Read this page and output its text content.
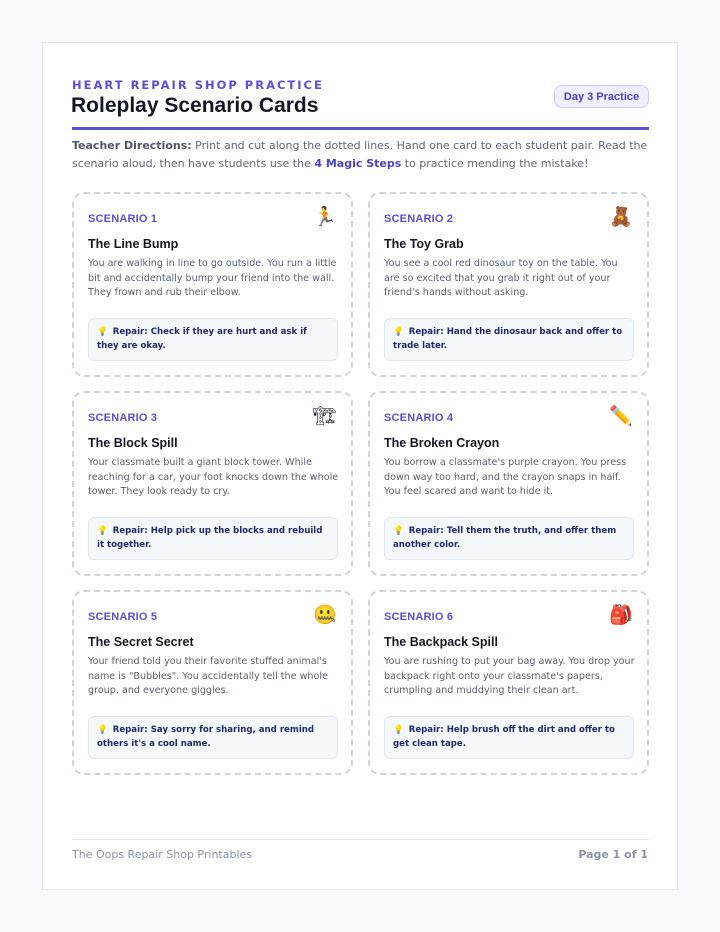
HEART REPAIR SHOP PRACTICE
Roleplay Scenario Cards	Day 3 Practice

Teacher Directions: Print and cut along the dotted lines. Hand one card to each student pair. Read the scenario aloud, then have students use the 4 Magic Steps to practice mending the mistake!

SCENARIO 1	🏃
The Line Bump
You are walking in line to go outside. You run a little bit and accidentally bump your friend into the wall. They frown and rub their elbow.
💡 Repair: Check if they are hurt and ask if they are okay.
SCENARIO 2	🧸
The Toy Grab
You see a cool red dinosaur toy on the table. You are so excited that you grab it right out of your friend's hands without asking.
💡 Repair: Hand the dinosaur back and offer to trade later.
SCENARIO 3	🏗
The Block Spill
Your classmate built a giant block tower. While reaching for a car, your foot knocks down the whole tower. They look ready to cry.
💡 Repair: Help pick up the blocks and rebuild it together.
SCENARIO 4	✏️
The Broken Crayon
You borrow a classmate's purple crayon. You press down way too hard, and the crayon snaps in half. You feel scared and want to hide it.
💡 Repair: Tell them the truth, and offer them another color.
SCENARIO 5	🤐
The Secret Secret
Your friend told you their favorite stuffed animal's name is "Bubbles". You accidentally tell the whole group, and everyone giggles.
💡 Repair: Say sorry for sharing, and remind others it's a cool name.
SCENARIO 6	🎒
The Backpack Spill
You are rushing to put your bag away. You drop your backpack right onto your classmate's papers, crumpling and muddying their clean art.
💡 Repair: Help brush off the dirt and offer to get clean tape.
The Oops Repair Shop Printables	Page 1 of 1
